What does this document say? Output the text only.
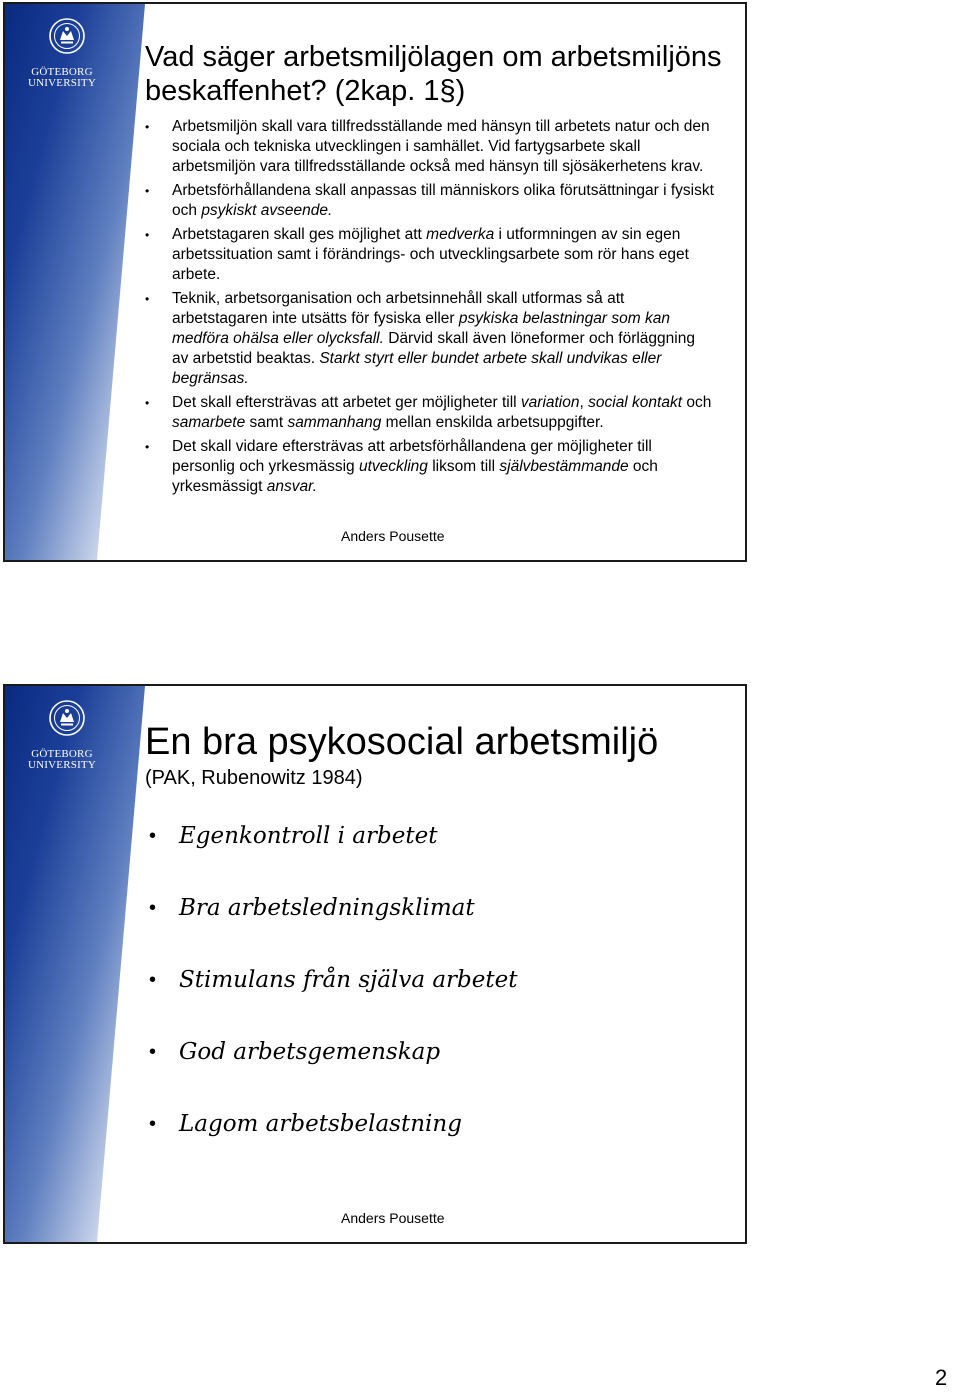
GÖTEBORG
UNIVERSITY
Vad säger arbetsmiljölagen om arbetsmiljöns beskaffenhet? (2kap. 1§)
• Arbetsmiljön skall vara tillfredsställande med hänsyn till arbetets natur och den sociala och tekniska utvecklingen i samhället. Vid fartygsarbete skall arbetsmiljön vara tillfredsställande också med hänsyn till sjösäkerhetens krav.
• Arbetsförhållandena skall anpassas till människors olika förutsättningar i fysiskt och psykiskt avseende.
• Arbetstagaren skall ges möjlighet att medverka i utformningen av sin egen arbetssituation samt i förändrings- och utvecklingsarbete som rör hans eget arbete.
• Teknik, arbetsorganisation och arbetsinnehåll skall utformas så att arbetstagaren inte utsätts för fysiska eller psykiska belastningar som kan medföra ohälsa eller olycksfall. Därvid skall även löneformer och förläggning av arbetstid beaktas. Starkt styrt eller bundet arbete skall undvikas eller begränsas.
• Det skall eftersträvas att arbetet ger möjligheter till variation, social kontakt och samarbete samt sammanhang mellan enskilda arbetsuppgifter.
• Det skall vidare eftersträvas att arbetsförhållandena ger möjligheter till personlig och yrkesmässig utveckling liksom till självbestämmande och yrkesmässigt ansvar.
Anders Pousette
GÖTEBORG
UNIVERSITY
En bra psykosocial arbetsmiljö
(PAK, Rubenowitz 1984)
• Egenkontroll i arbetet
• Bra arbetsledningsklimat
• Stimulans från själva arbetet
• God arbetsgemenskap
• Lagom arbetsbelastning
Anders Pousette
2
